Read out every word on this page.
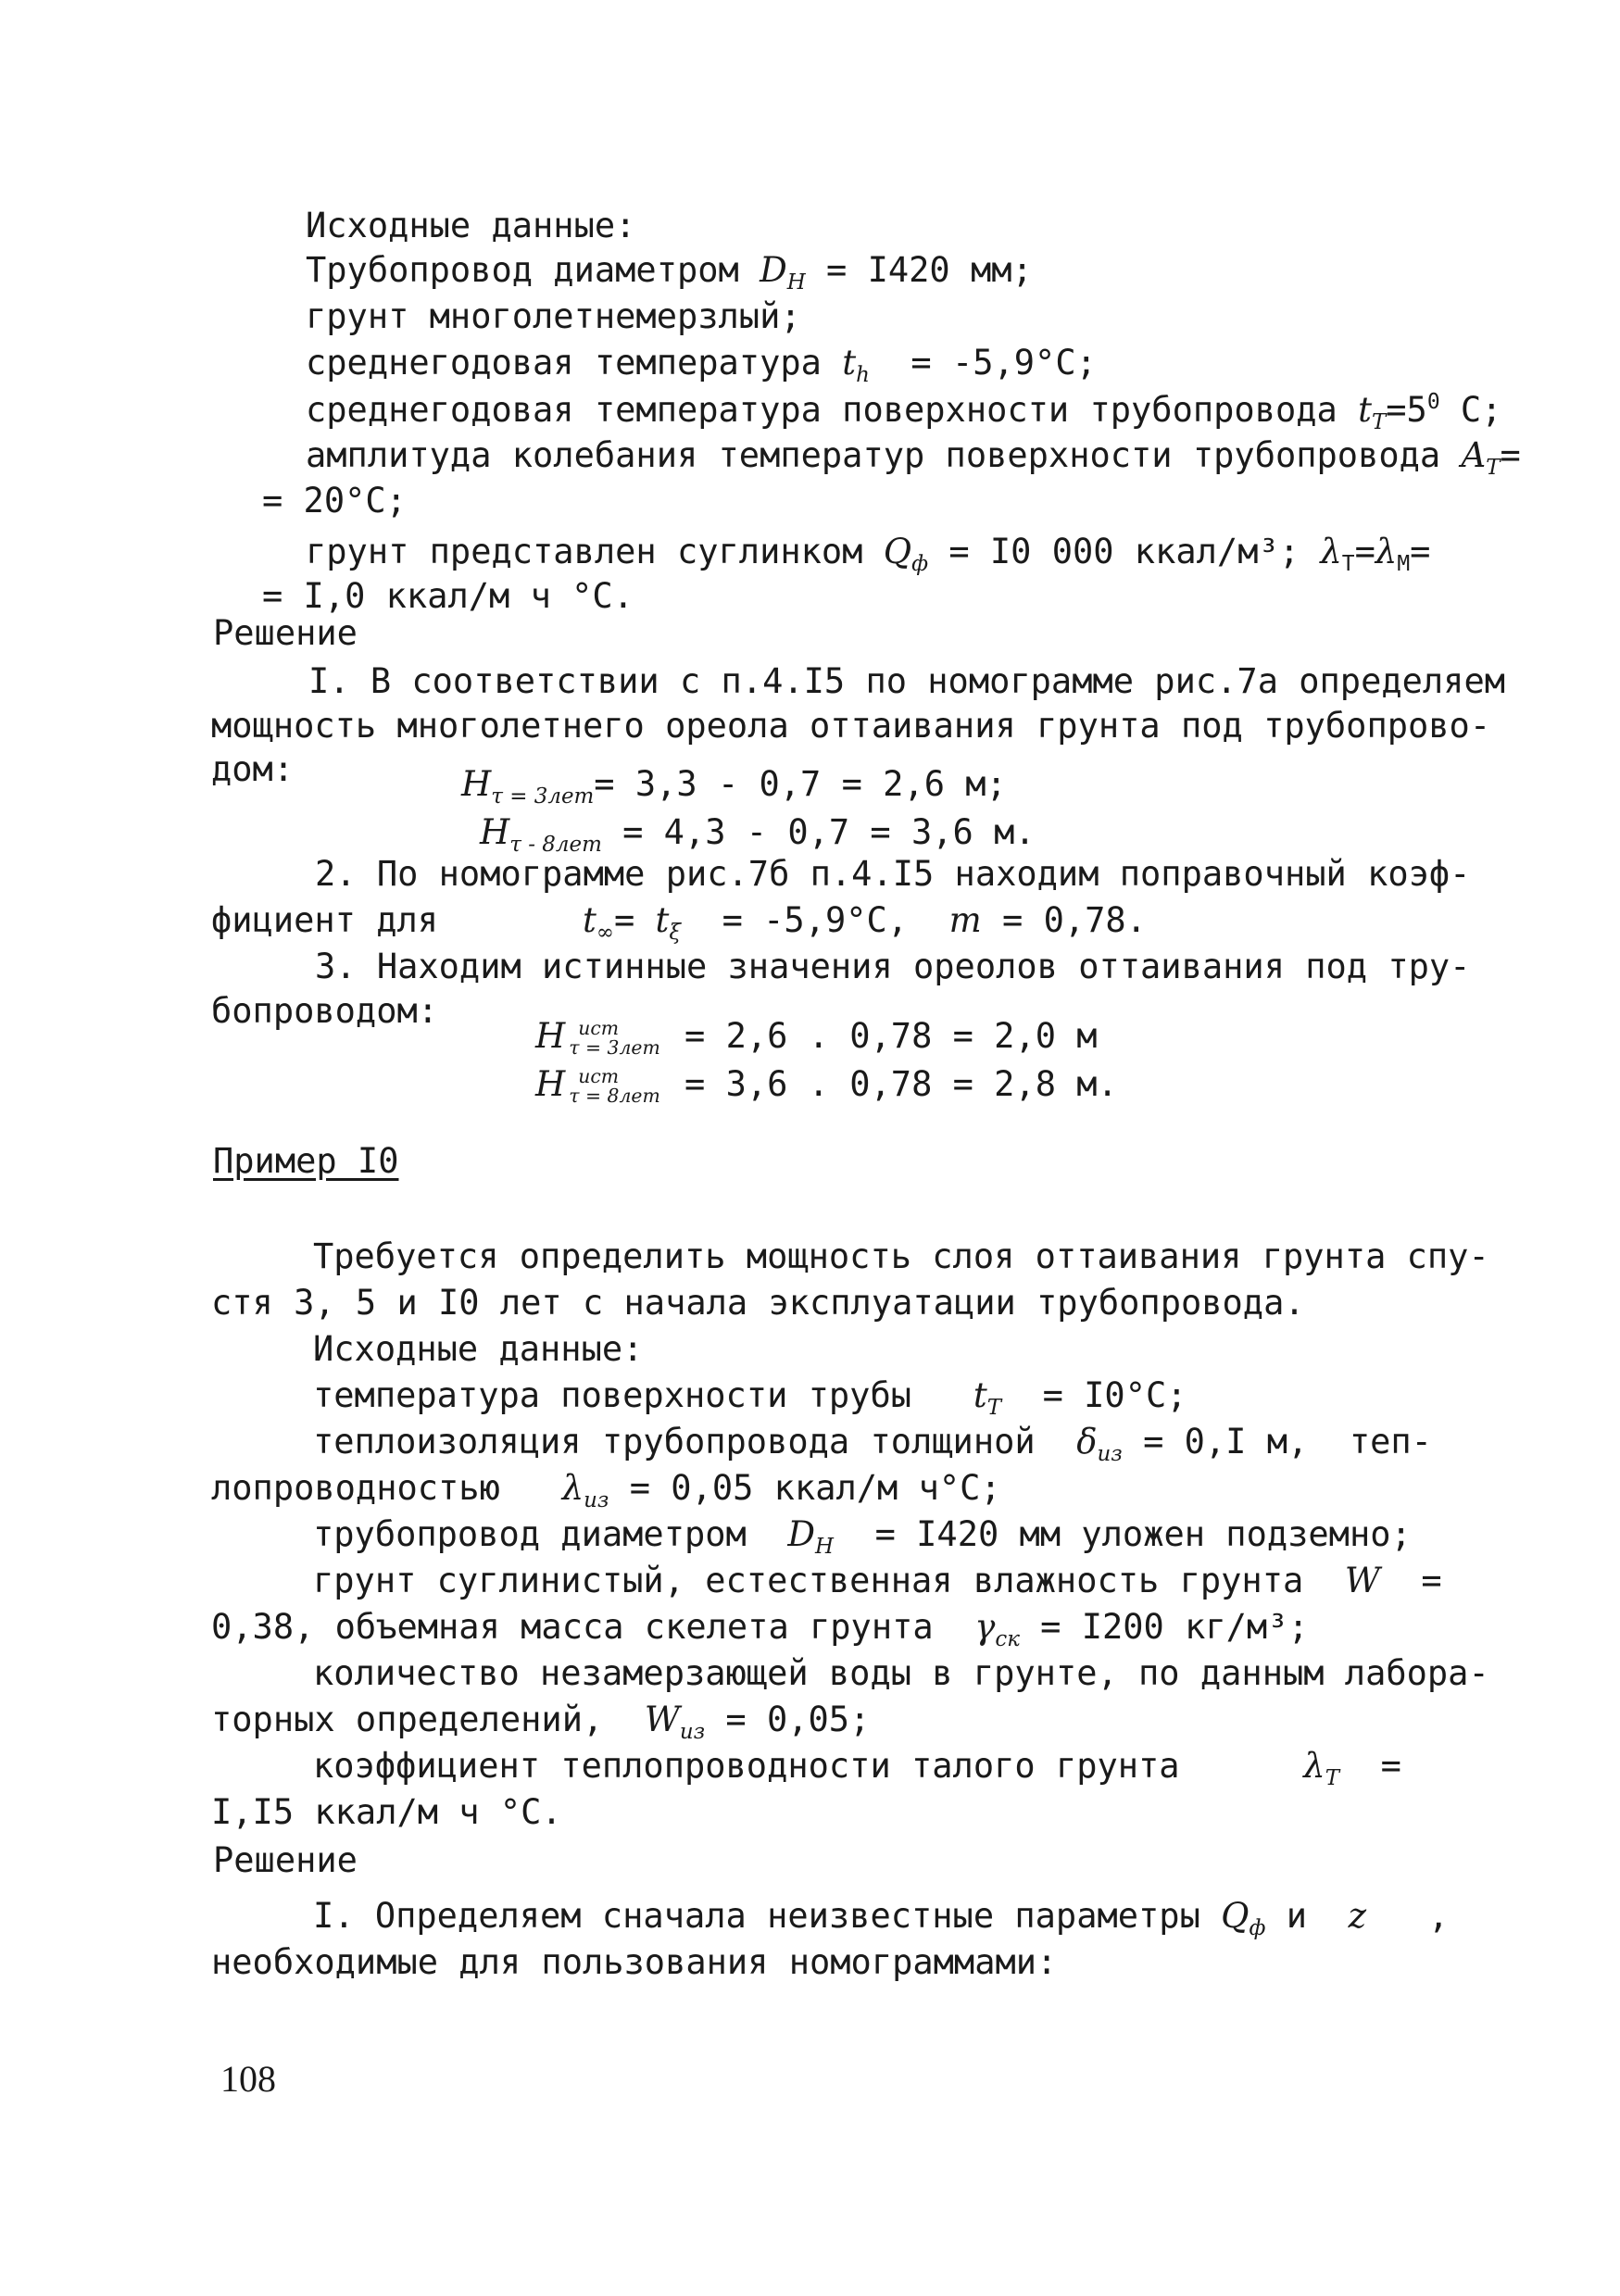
Исходные данные:
Трубопровод диаметром $D_H = I420$ мм;
грунт многолетнемерзлый;
среднегодовая температура $t_h = -5,9^\circ C$;
среднегодовая температура поверхности трубопровода $t_T=5^0$ C;
амплитуда колебания температур поверхности трубопровода $A_T=$
= 20°C;
грунт представлен суглинком $Q_ф = I0$ 000 ккал/м³; $\lambda_T=\lambda_M=$
= I,0 ккал/м ч °C.
Решение
I. В соответствии с п.4.I5 по номограмме рис.7а определяем
мощность многолетнего ореола оттаивания грунта под трубопрово-
дом:	$H_{\tau = 3лет}= 3,3 - 0,7 = 2,6$ м;
$H_{\tau - 8лет} = 4,3 - 0,7 = 3,6$ м.
2. По номограмме рис.7б п.4.I5 находим поправочный коэф-
фициент для	$t_\infty= t_\xi = -5,9^\circ C$, m = 0,78.
3. Находим истинные значения ореолов оттаивания под тру-
бопроводом:
H ист
τ = 3лет = 2,6 . 0,78 = 2,0 м
H ист
τ = 8лет = 3,6 . 0,78 = 2,8 м.
Пример I0
Требуется определить мощность слоя оттаивания грунта спу-
стя 3, 5 и I0 лет с начала эксплуатации трубопровода.
Исходные данные:
температура поверхности трубы $t_T = I0^\circ C$;
теплоизоляция трубопровода толщиной $\delta_{из} = 0,I$ м, теп-
лопроводностью $\lambda_{из} = 0,05$ ккал/м ч°C;
трубопровод диаметром $D_H = I420$ мм уложен подземно;
грунт суглинистый, естественная влажность грунта W =
0,38, объемная масса скелета грунта $\gamma_{ск} = I200$ кг/м³;
количество незамерзающей воды в грунте, по данным лабора-
торных определений, $W_{из} = 0,05$;
коэффициент теплопроводности талого грунта	$\lambda_T$ =
I,I5 ккал/м ч °C.
Решение
I. Определяем сначала неизвестные параметры $Q_ф$ и z ,
необходимые для пользования номограммами:
108
